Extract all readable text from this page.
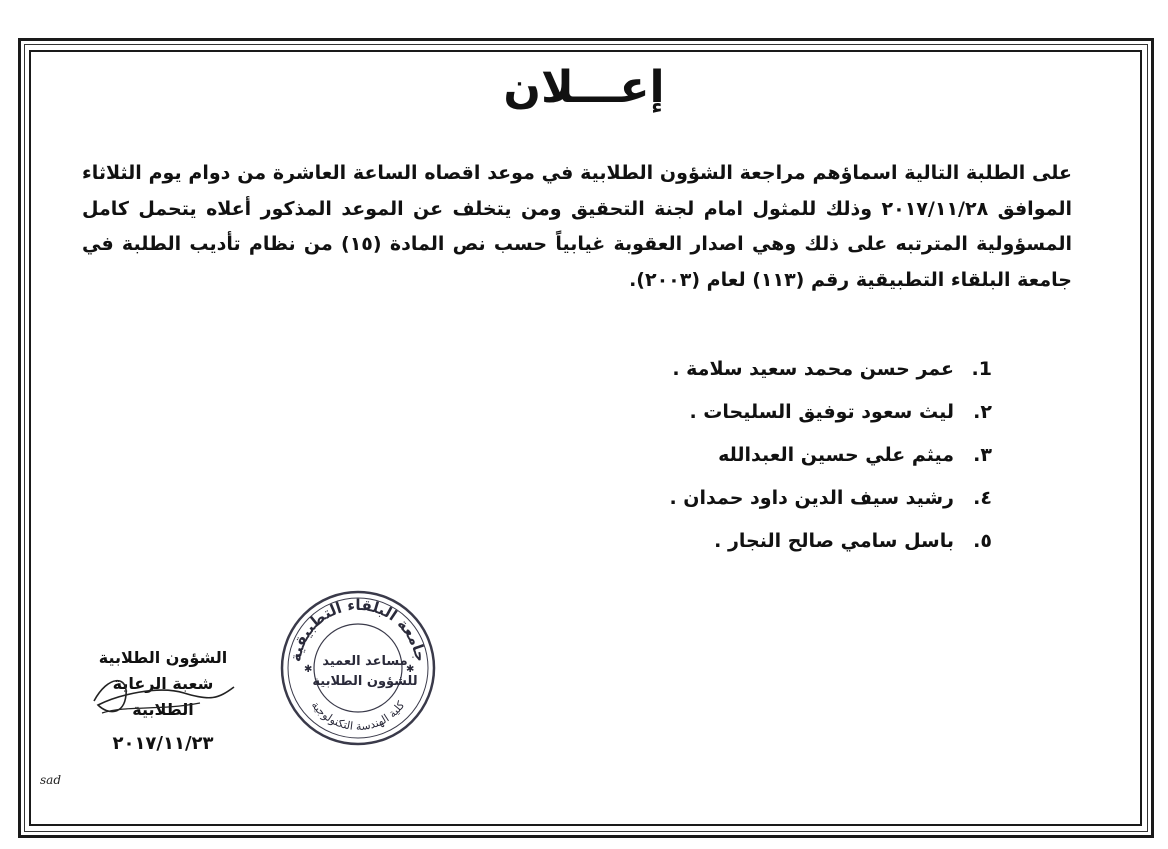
إعـــلان
على الطلبة التالية اسماؤهم مراجعة الشؤون الطلابية في موعد اقصاه الساعة العاشرة من دوام يوم الثلاثاء الموافق ٢٠١٧/١١/٢٨ وذلك للمثول امام لجنة التحقيق ومن يتخلف عن الموعد المذكور أعلاه يتحمل كامل المسؤولية المترتبه على ذلك وهي اصدار العقوبة غيابياً حسب نص المادة (١٥) من نظام تأديب الطلبة في جامعة البلقاء التطبيقية رقم (١١٣) لعام (٢٠٠٣).
1.عمر حسن محمد سعيد سلامة .
٢.ليث سعود توفيق السليحات .
٣.ميثم علي حسين العبدالله
٤.رشيد سيف الدين داود حمدان .
٥.باسل سامي صالح النجار .
الشؤون الطلابية
شعبة الرعاية الطلابية
٢٠١٧/١١/٢٣
جامعة البلقاء التطبيقية
كلية الهندسة التكنولوجية
✱	✱
مساعد العميد
للشؤون الطلابية
sad
